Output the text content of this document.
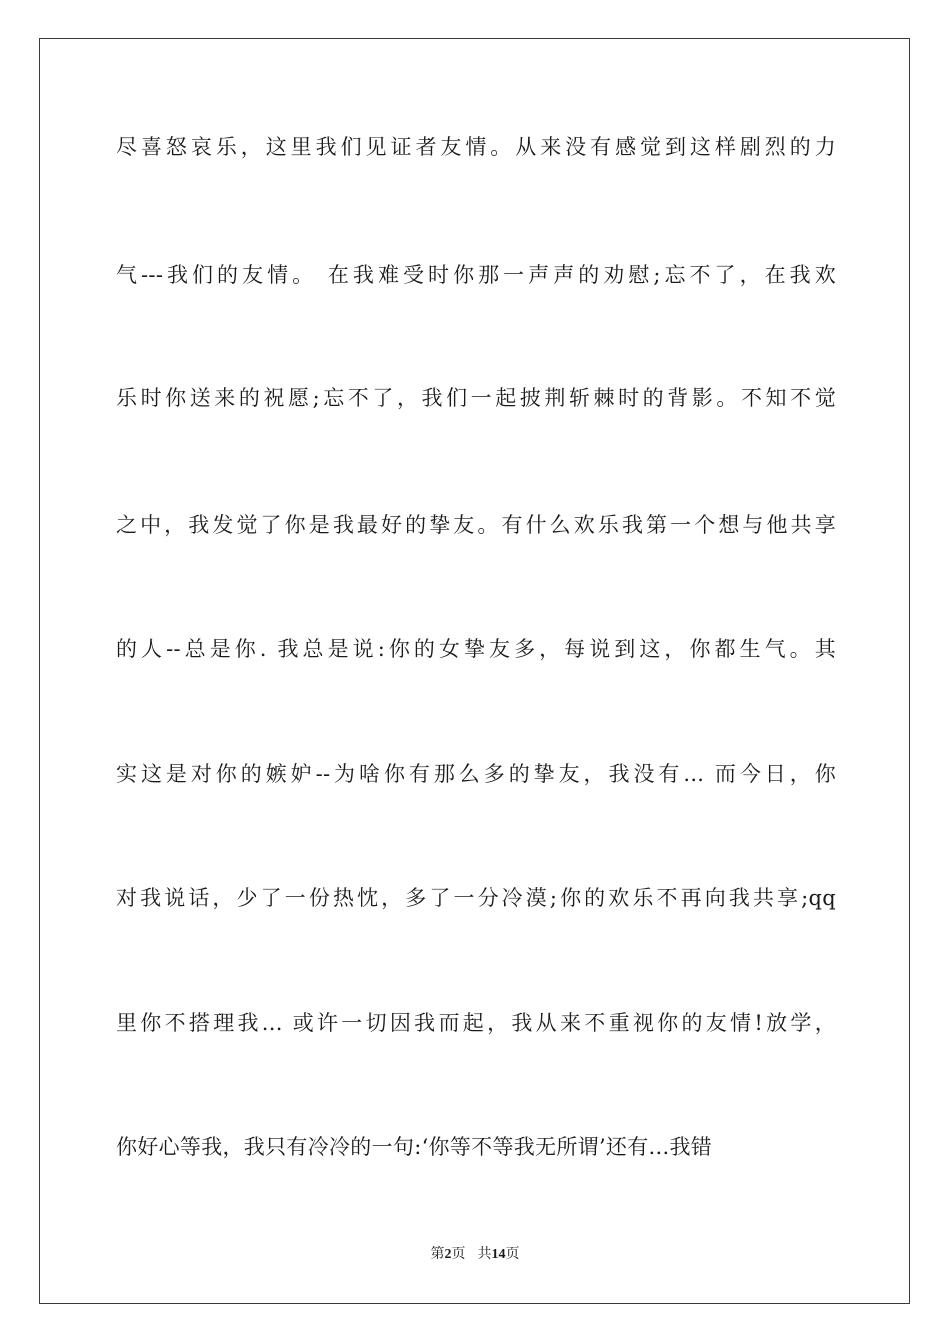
尽喜怒哀乐，这里我们见证者友情。从来没有感觉到这样剧烈的力
气---我们的友情。 在我难受时你那一声声的劝慰;忘不了，在我欢
乐时你送来的祝愿;忘不了，我们一起披荆斩棘时的背影。不知不觉
之中，我发觉了你是我最好的挚友。有什么欢乐我第一个想与他共享
的人--总是你. 我总是说:你的女挚友多，每说到这，你都生气。其
实这是对你的嫉妒--为啥你有那么多的挚友，我没有... 而今日，你
对我说话，少了一份热忱，多了一分冷漠;你的欢乐不再向我共享;qq
里你不搭理我... 或许一切因我而起，我从来不重视你的友情!放学，
你好心等我，我只有冷冷的一句:‘你等不等我无所谓’还有...我错
第2页 共14页
